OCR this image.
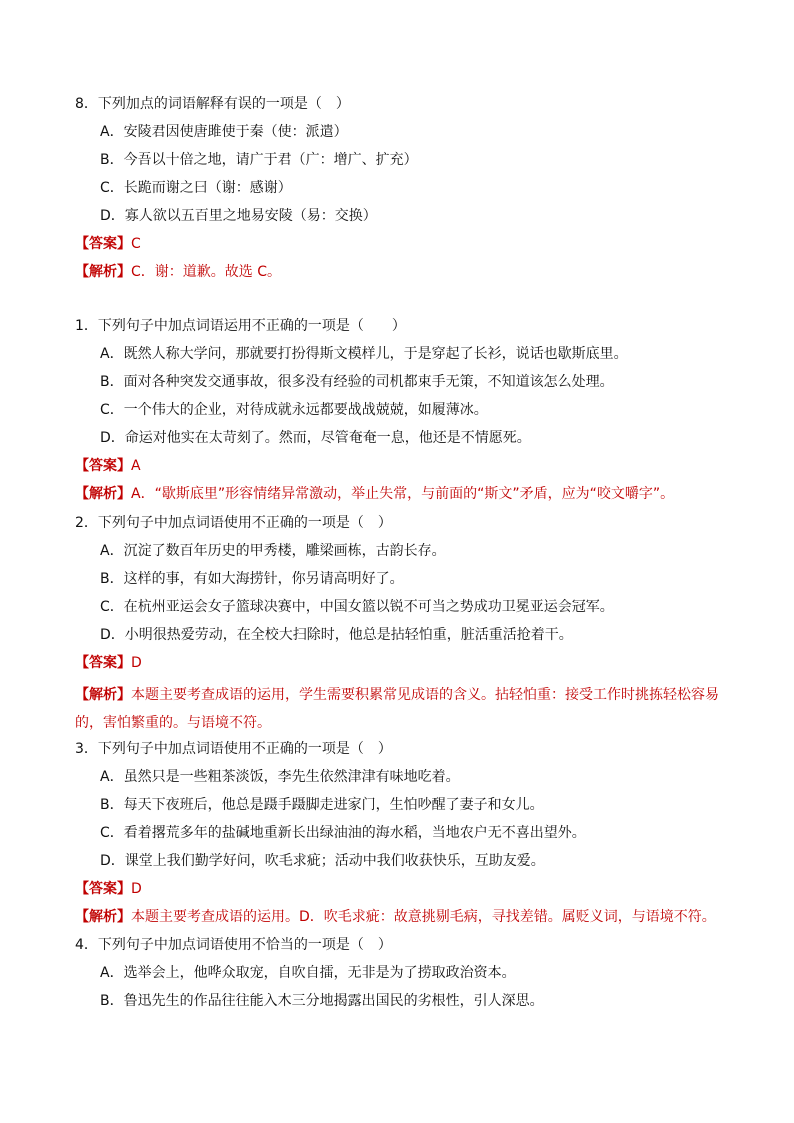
8．下列加点的词语解释有误的一项是（　）
A．安陵君因使唐雎使于秦（使：派遣）
B．今吾以十倍之地，请广于君（广：增广、扩充）
C．长跪而谢之曰（谢：感谢）
D．寡人欲以五百里之地易安陵（易：交换）
【答案】C
【解析】C．谢：道歉。故选 C。
1．下列句子中加点词语运用不正确的一项是（　　）
A．既然人称大学问，那就要打扮得斯文模样儿，于是穿起了长衫，说话也歇斯底里。
B．面对各种突发交通事故，很多没有经验的司机都束手无策，不知道该怎么处理。
C．一个伟大的企业，对待成就永远都要战战兢兢，如履薄冰。
D．命运对他实在太苛刻了。然而，尽管奄奄一息，他还是不情愿死。
【答案】A
【解析】A．“歇斯底里”形容情绪异常激动，举止失常，与前面的“斯文”矛盾，应为“咬文嚼字”。
2．下列句子中加点词语使用不正确的一项是（　）
A．沉淀了数百年历史的甲秀楼，雕梁画栋，古韵长存。
B．这样的事，有如大海捞针，你另请高明好了。
C．在杭州亚运会女子篮球决赛中，中国女篮以锐不可当之势成功卫冕亚运会冠军。
D．小明很热爱劳动，在全校大扫除时，他总是拈轻怕重，脏活重活抢着干。
【答案】D
【解析】本题主要考查成语的运用，学生需要积累常见成语的含义。拈轻怕重：接受工作时挑拣轻松容易的，害怕繁重的。与语境不符。
3．下列句子中加点词语使用不正确的一项是（　）
A．虽然只是一些粗茶淡饭，李先生依然津津有味地吃着。
B．每天下夜班后，他总是蹑手蹑脚走进家门，生怕吵醒了妻子和女儿。
C．看着撂荒多年的盐碱地重新长出绿油油的海水稻，当地农户无不喜出望外。
D．课堂上我们勤学好问，吹毛求疵；活动中我们收获快乐，互助友爱。
【答案】D
【解析】本题主要考查成语的运用。D．吹毛求疵：故意挑剔毛病，寻找差错。属贬义词，与语境不符。
4．下列句子中加点词语使用不恰当的一项是（　）
A．选举会上，他哗众取宠，自吹自擂，无非是为了捞取政治资本。
B．鲁迅先生的作品往往能入木三分地揭露出国民的劣根性，引人深思。
